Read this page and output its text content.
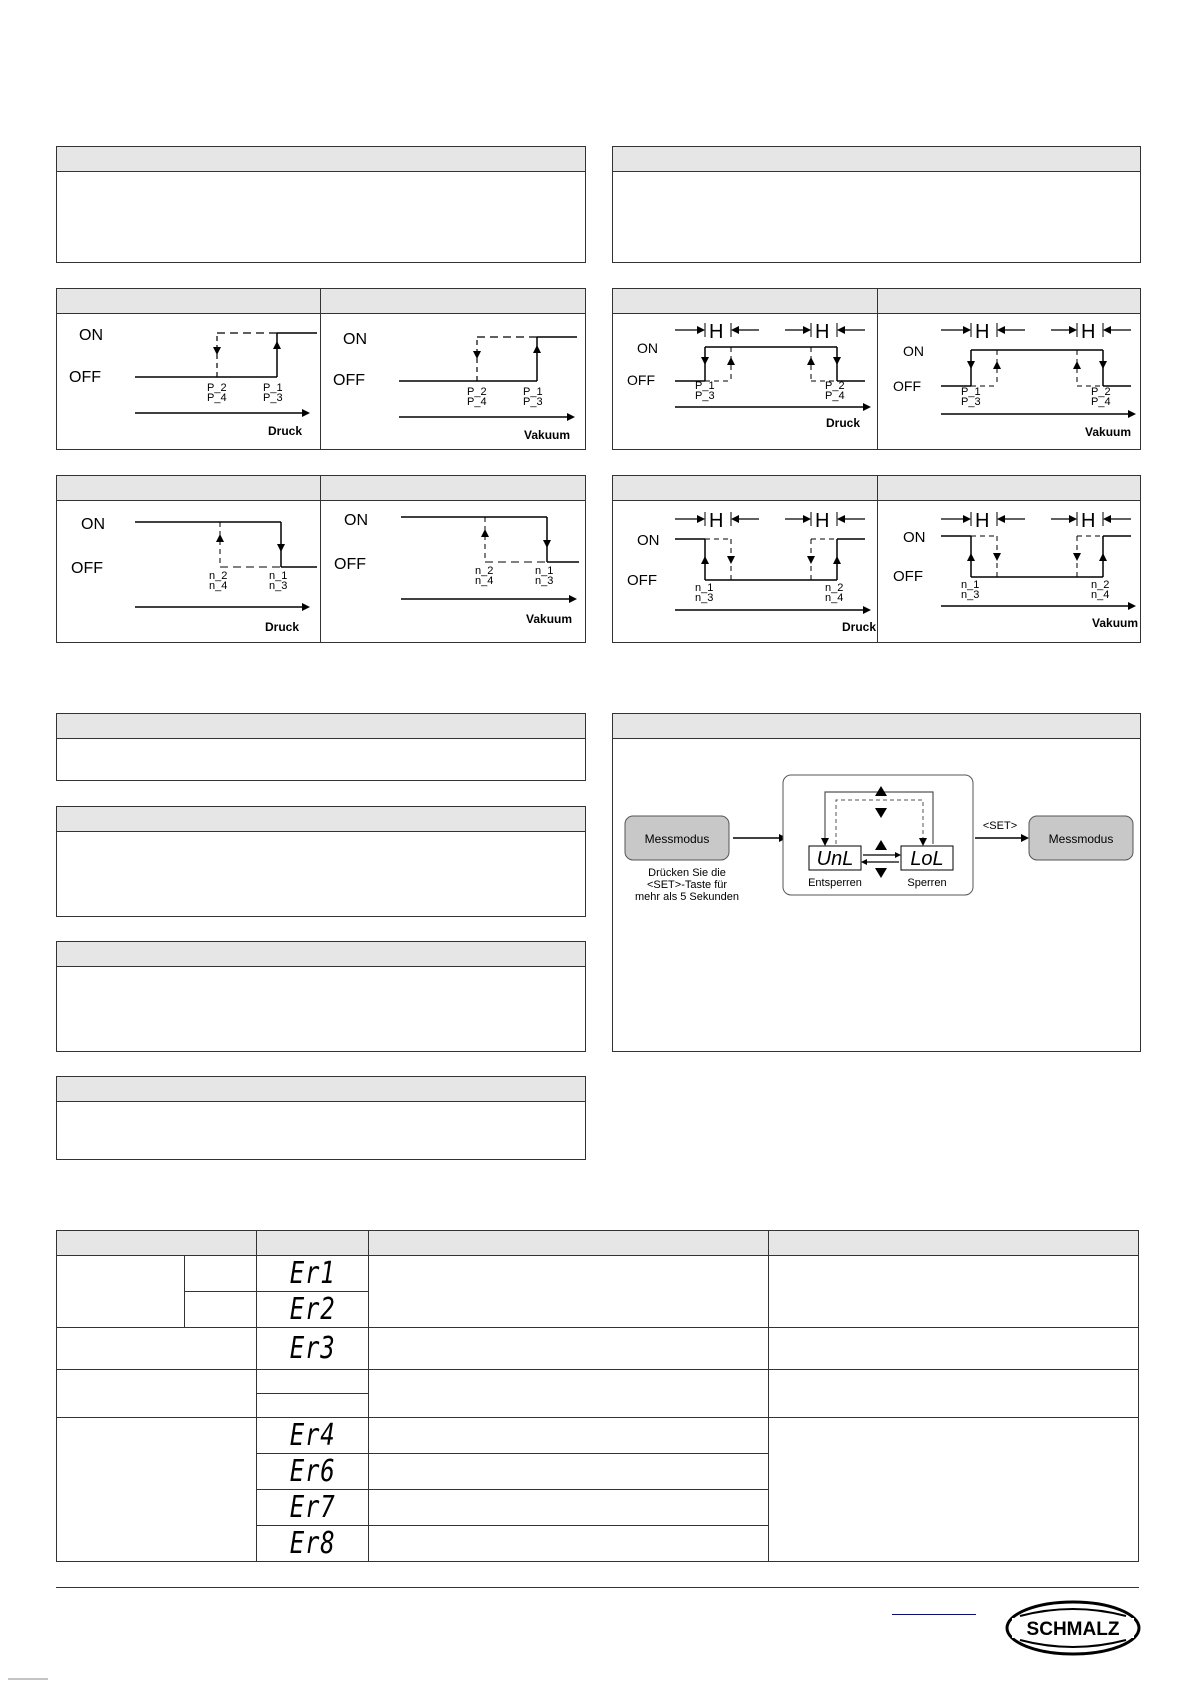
ON
OFF
P_2
P_4
P_1
P_3
Druck
ON
OFF
P_2
P_4
P_1
P_3
Vakuum
H	H
ON
OFF	P_1
P_3
P_2
P_4
Druck
H	H
ON
OFF	P_1
P_3
P_2
P_4
Vakuum
ON
OFF	n_2
n_4
n_1
n_3
Druck
ON
OFF	n_2
n_4
n_1
n_3
Vakuum
H	H
ON
OFF	n_1
n_3
n_2
n_4
Druck
H	H
ON
OFF	n_1
n_3
n_2
n_4
Vakuum
Messmodus
Drücken Sie die
<SET>-Taste für
mehr als 5 Sekunden
UnL	LoL
Entsperren	Sperren
<SET>
Messmodus

		Er1		
		Er2		
		Er3		

		Er4		
		Er6		
		Er7		
		Er8		
SCHMALZ
